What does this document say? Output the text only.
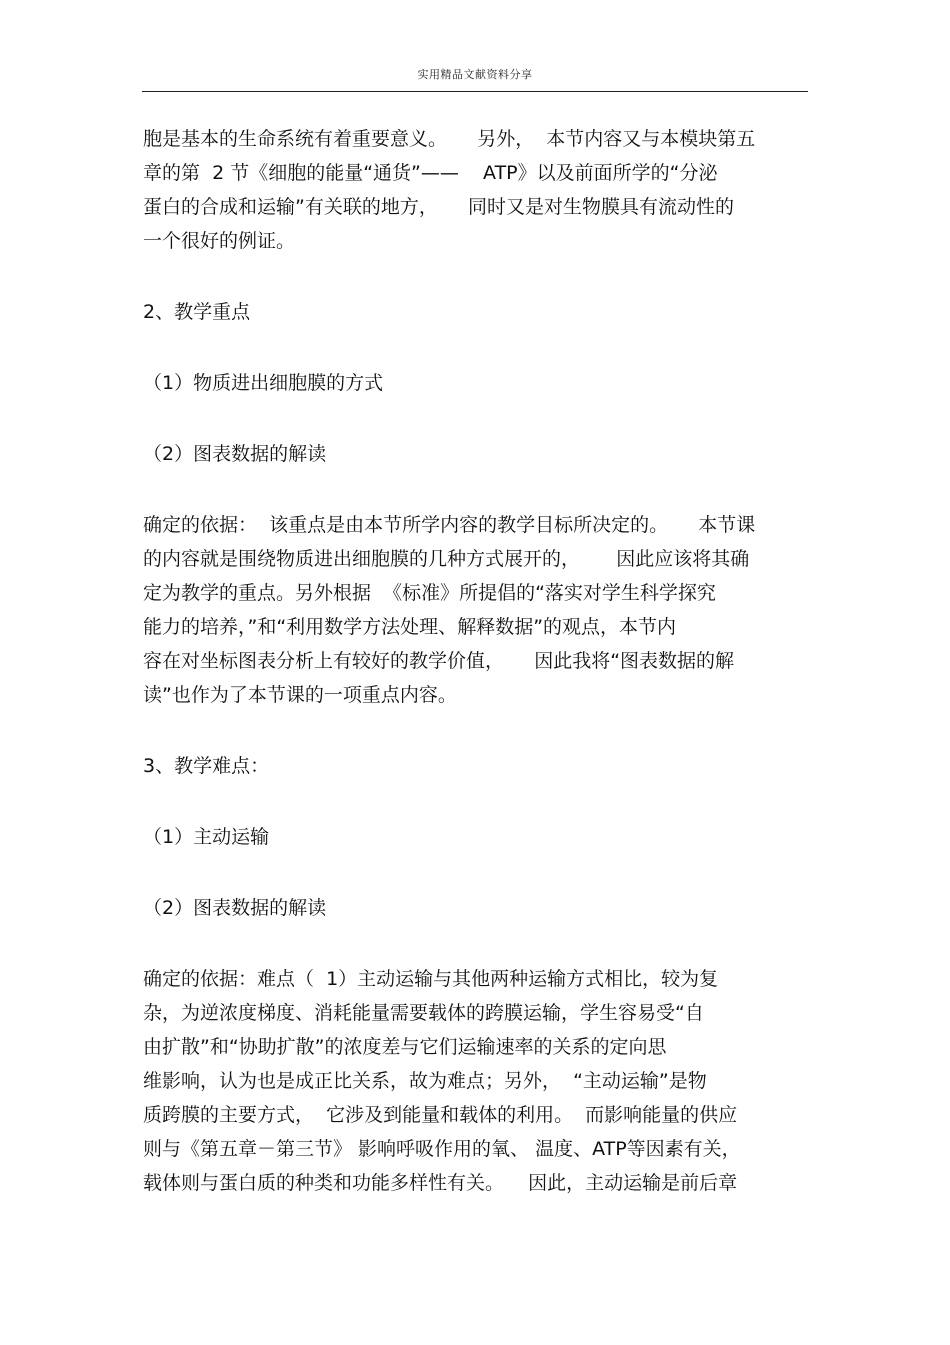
实用精品文献资料分享
胞是基本的生命系统有着重要意义。     另外，  本节内容又与本模块第五
章的第  2 节《细胞的能量“通货”——    ATP》以及前面所学的“分泌
蛋白的合成和运输”有关联的地方，     同时又是对生物膜具有流动性的
一个很好的例证。
2、教学重点
（1）物质进出细胞膜的方式
（2）图表数据的解读
确定的依据：  该重点是由本节所学内容的教学目标所决定的。     本节课
的内容就是围绕物质进出细胞膜的几种方式展开的，      因此应该将其确
定为教学的重点。另外根据  《标准》所提倡的“落实对学生科学探究
能力的培养，”和“利用数学方法处理、解释数据”的观点，本节内
容在对坐标图表分析上有较好的教学价值，     因此我将“图表数据的解
读”也作为了本节课的一项重点内容。
3、教学难点：
（1）主动运输
（2）图表数据的解读
确定的依据：难点（  1）主动运输与其他两种运输方式相比，较为复
杂，为逆浓度梯度、消耗能量需要载体的跨膜运输，学生容易受“自
由扩散”和“协助扩散”的浓度差与它们运输速率的关系的定向思
维影响，认为也是成正比关系，故为难点；另外，  “主动运输”是物
质跨膜的主要方式，  它涉及到能量和载体的利用。  而影响能量的供应
则与《第五章－第三节》 影响呼吸作用的氧、 温度、ATP等因素有关，
载体则与蛋白质的种类和功能多样性有关。    因此，主动运输是前后章
